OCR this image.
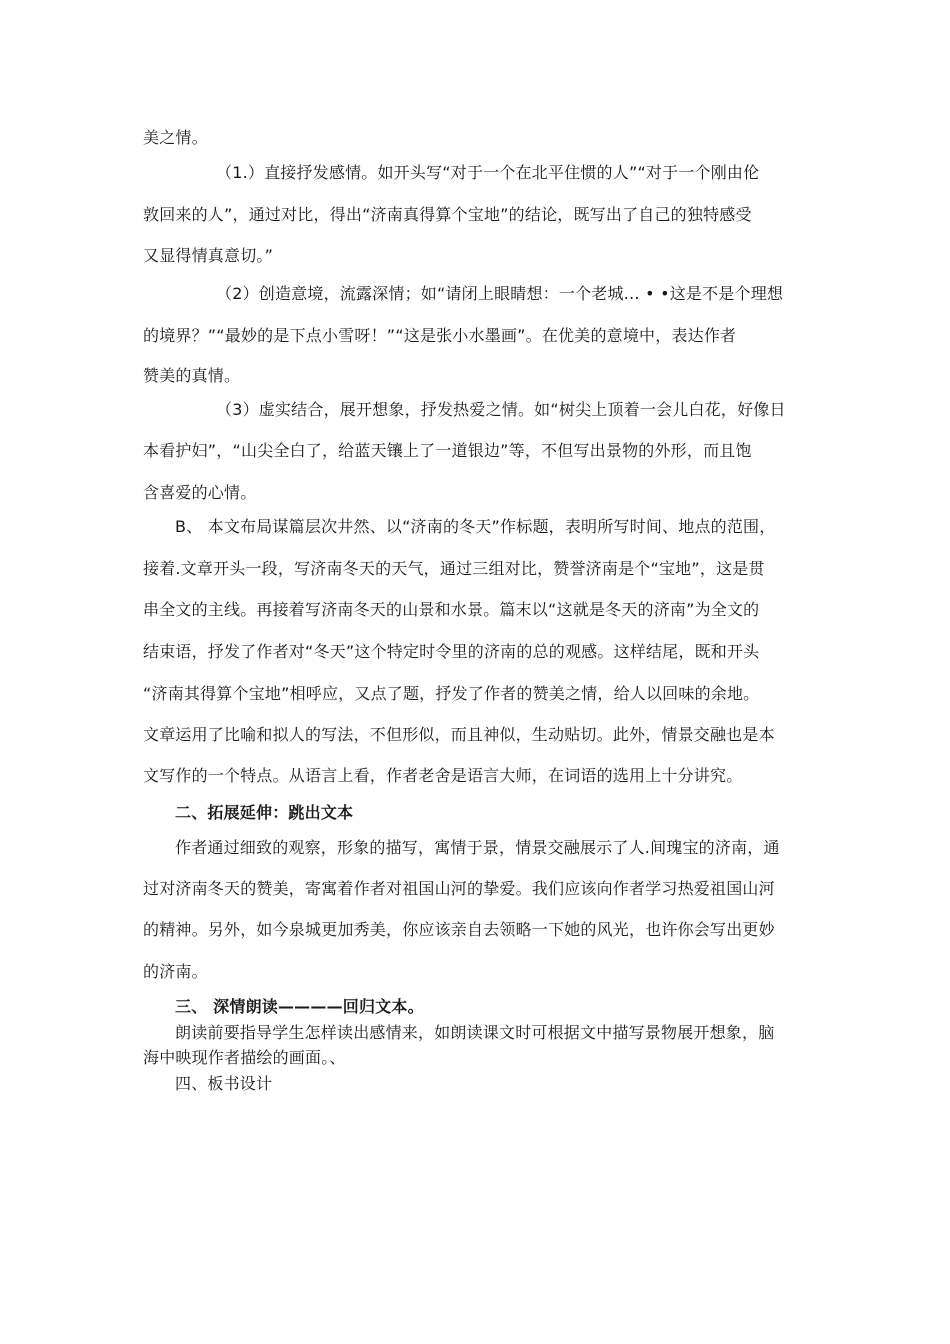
美之情。
（1.）直接抒发感情。如开头写“对于一个在北平住惯的人”“对于一个刚由伦
敦回来的人”，通过对比，得出“济南真得算个宝地”的结论，既写出了自己的独特感受
又显得情真意切。”
（2）创造意境，流露深情；如“请闭上眼睛想：一个老城… • •这是不是个理想
的境界？”“最妙的是下点小雪呀！”“这是张小水墨画”。在优美的意境中，表达作者
赞美的真情。
（3）虚实结合，展开想象，抒发热爱之情。如“树尖上顶着一会儿白花，好像日
本看护妇”，“山尖全白了，给蓝天镶上了一道银边”等，不但写出景物的外形，而且饱
含喜爱的心情。
B、 本文布局谋篇层次井然、以“济南的冬天”作标题，表明所写时间、地点的范围，
接着.文章开头一段，写济南冬天的天气，通过三组对比，赞誉济南是个“宝地”，这是贯
串全文的主线。再接着写济南冬天的山景和水景。篇末以“这就是冬天的济南”为全文的
结束语，抒发了作者对“冬天”这个特定时令里的济南的总的观感。这样结尾，既和开头
“济南其得算个宝地”相呼应，又点了题，抒发了作者的赞美之情，给人以回味的余地。
文章运用了比喻和拟人的写法，不但形似，而且神似，生动贴切。此外，情景交融也是本
文写作的一个特点。从语言上看，作者老舍是语言大师，在词语的选用上十分讲究。
二、拓展延伸：跳出文本
作者通过细致的观察，形象的描写，寓情于景，情景交融展示了人.间瑰宝的济南，通
过对济南冬天的赞美，寄寓着作者对祖国山河的挚爱。我们应该向作者学习热爱祖国山河
的精神。另外，如今泉城更加秀美，你应该亲自去领略一下她的风光，也许你会写出更妙
的济南。
三、 深情朗读————回归文本。
朗读前要指导学生怎样读出感情来，如朗读课文时可根据文中描写景物展开想象，脑
海中映现作者描绘的画面。、
四、板书设计
